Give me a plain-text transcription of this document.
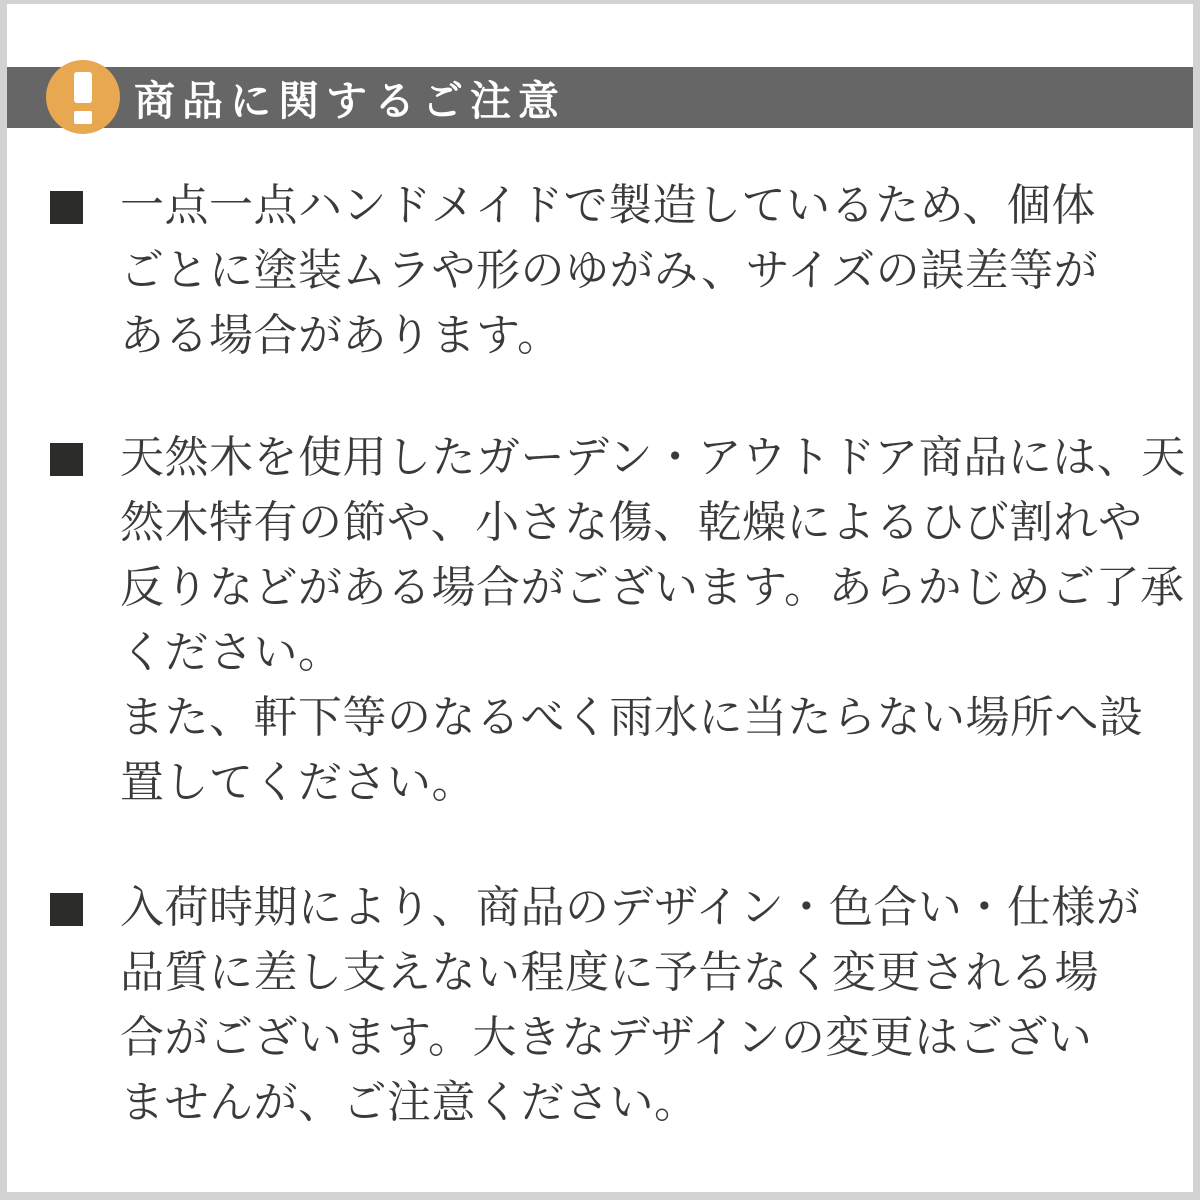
商品に関するご注意

一点一点ハンドメイドで製造しているため、個体
ごとに塗装ムラや形のゆがみ、サイズの誤差等が
ある場合があります。

天然木を使用したガーデン・アウトドア商品には、天
然木特有の節や、小さな傷、乾燥によるひび割れや
反りなどがある場合がございます。あらかじめご了承
ください。
また、軒下等のなるべく雨水に当たらない場所へ設
置してください。

入荷時期により、商品のデザイン・色合い・仕様が
品質に差し支えない程度に予告なく変更される場
合がございます。大きなデザインの変更はござい
ませんが、ご注意ください。
